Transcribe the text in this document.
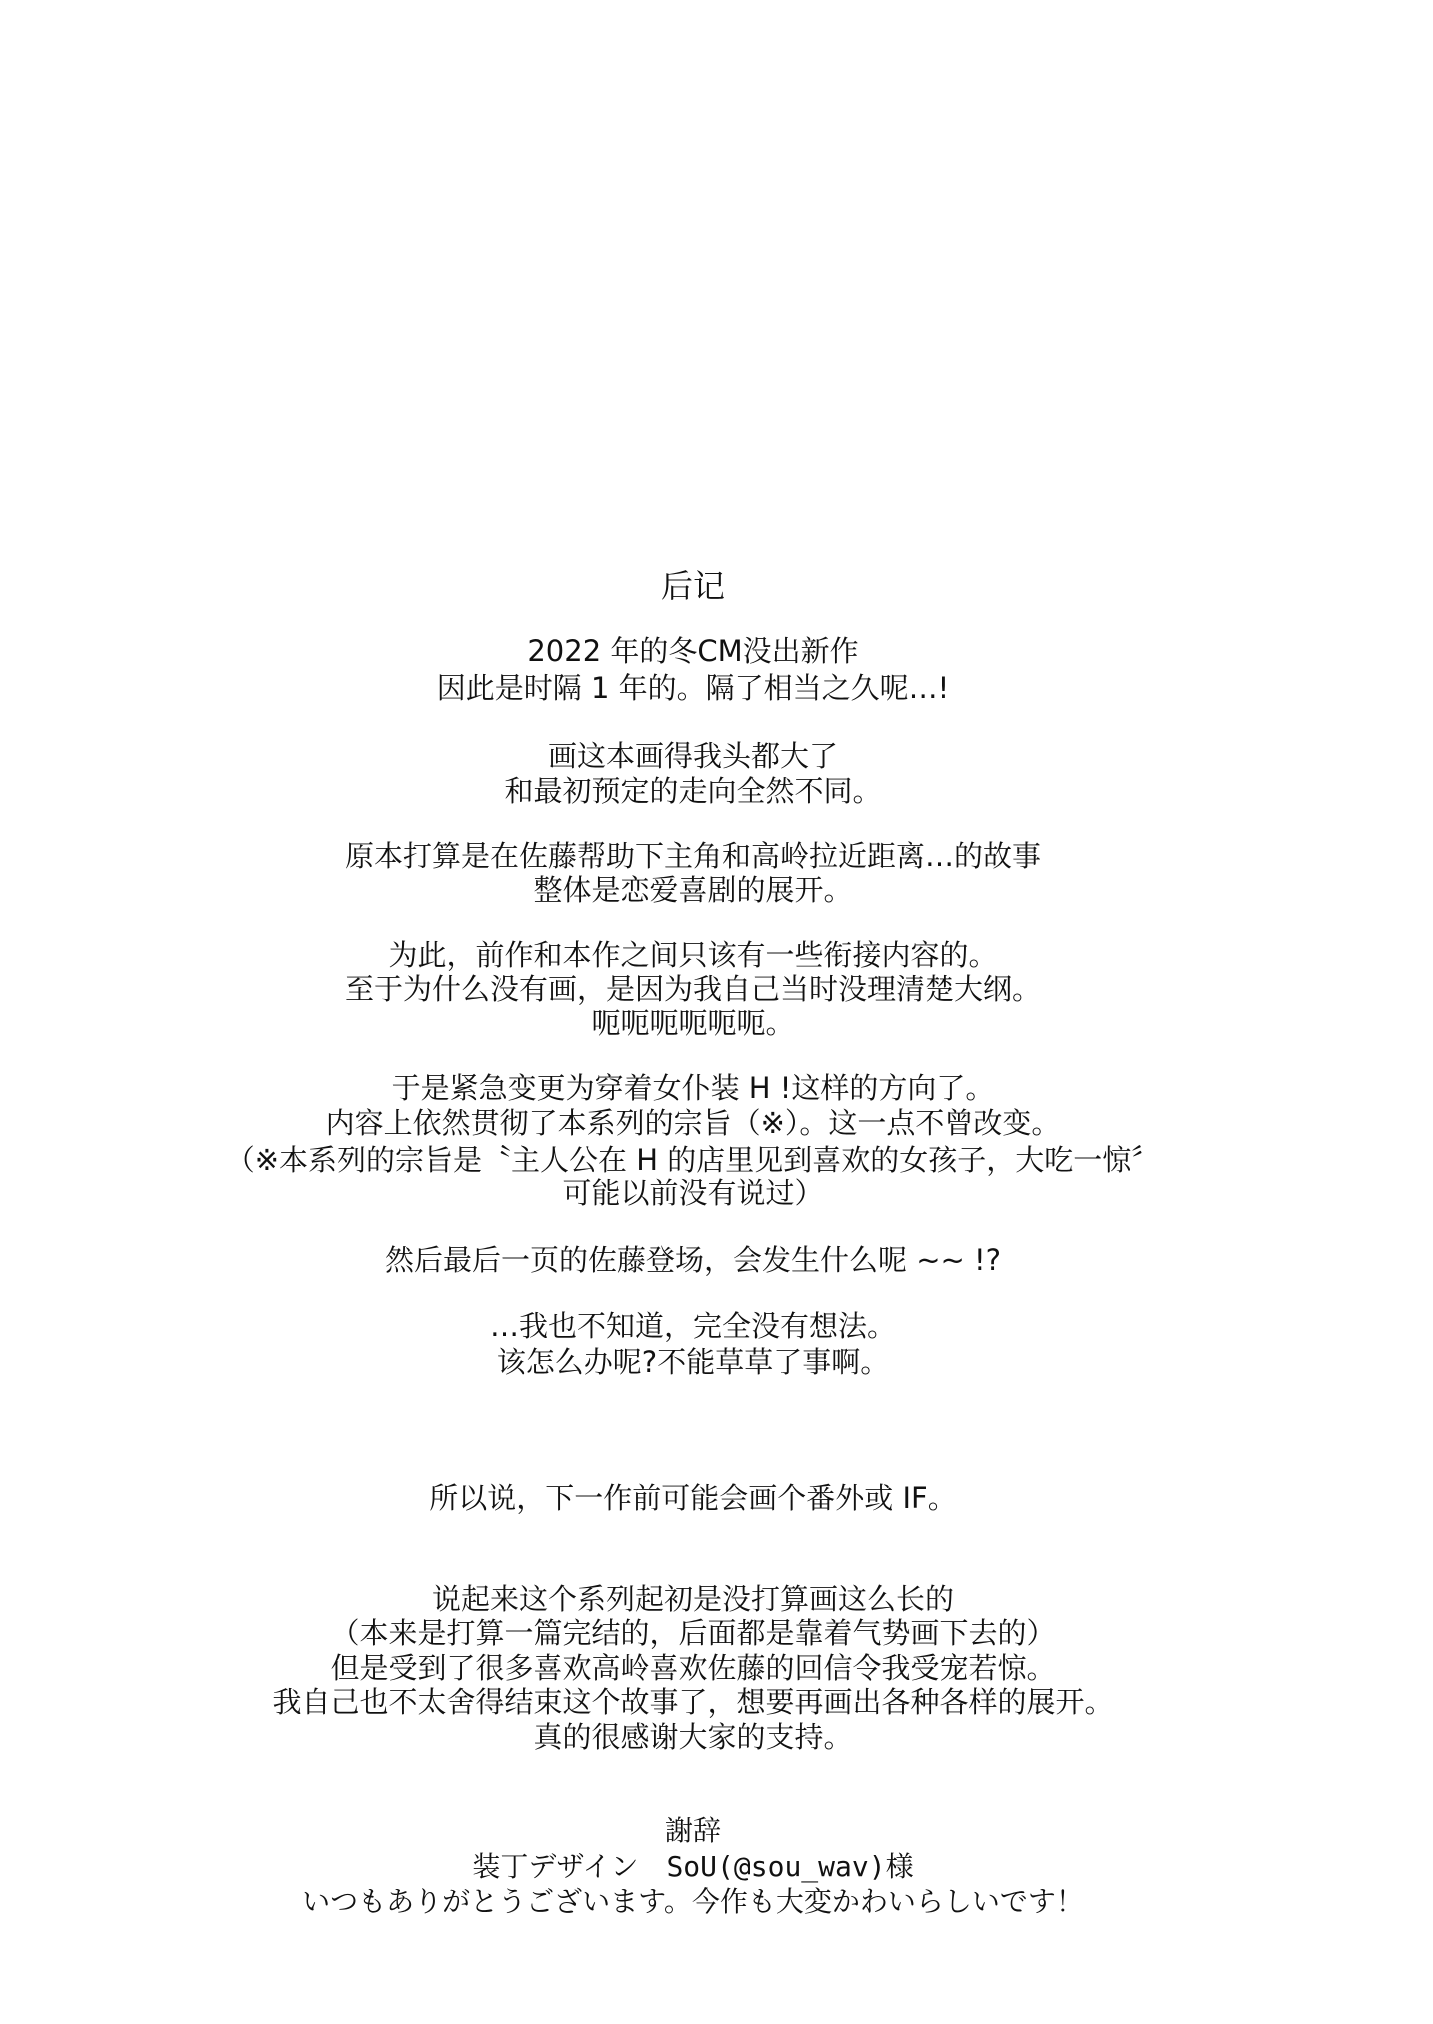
后记
2022 年的冬CM没出新作
因此是时隔 1 年的。隔了相当之久呢…!
画这本画得我头都大了
和最初预定的走向全然不同。
原本打算是在佐藤帮助下主角和高岭拉近距离…的故事
整体是恋爱喜剧的展开。
为此，前作和本作之间只该有一些衔接内容的。
至于为什么没有画，是因为我自己当时没理清楚大纲。
呃呃呃呃呃呃。
于是紧急变更为穿着女仆装 H !这样的方向了。
内容上依然贯彻了本系列的宗旨（※）。这一点不曾改变。
（※本系列的宗旨是〝主人公在 H 的店里见到喜欢的女孩子，大吃一惊〞
可能以前没有说过）
然后最后一页的佐藤登场，会发生什么呢 ~~ !?
…我也不知道，完全没有想法。
该怎么办呢?不能草草了事啊。
所以说，下一作前可能会画个番外或 IF。
说起来这个系列起初是没打算画这么长的
（本来是打算一篇完结的，后面都是靠着气势画下去的）
但是受到了很多喜欢高岭喜欢佐藤的回信令我受宠若惊。
我自己也不太舍得结束这个故事了，想要再画出各种各样的展开。
真的很感谢大家的支持。
謝辞
装丁デザイン　SoU(@sou_wav)様
いつもありがとうございます。今作も大変かわいらしいです！
